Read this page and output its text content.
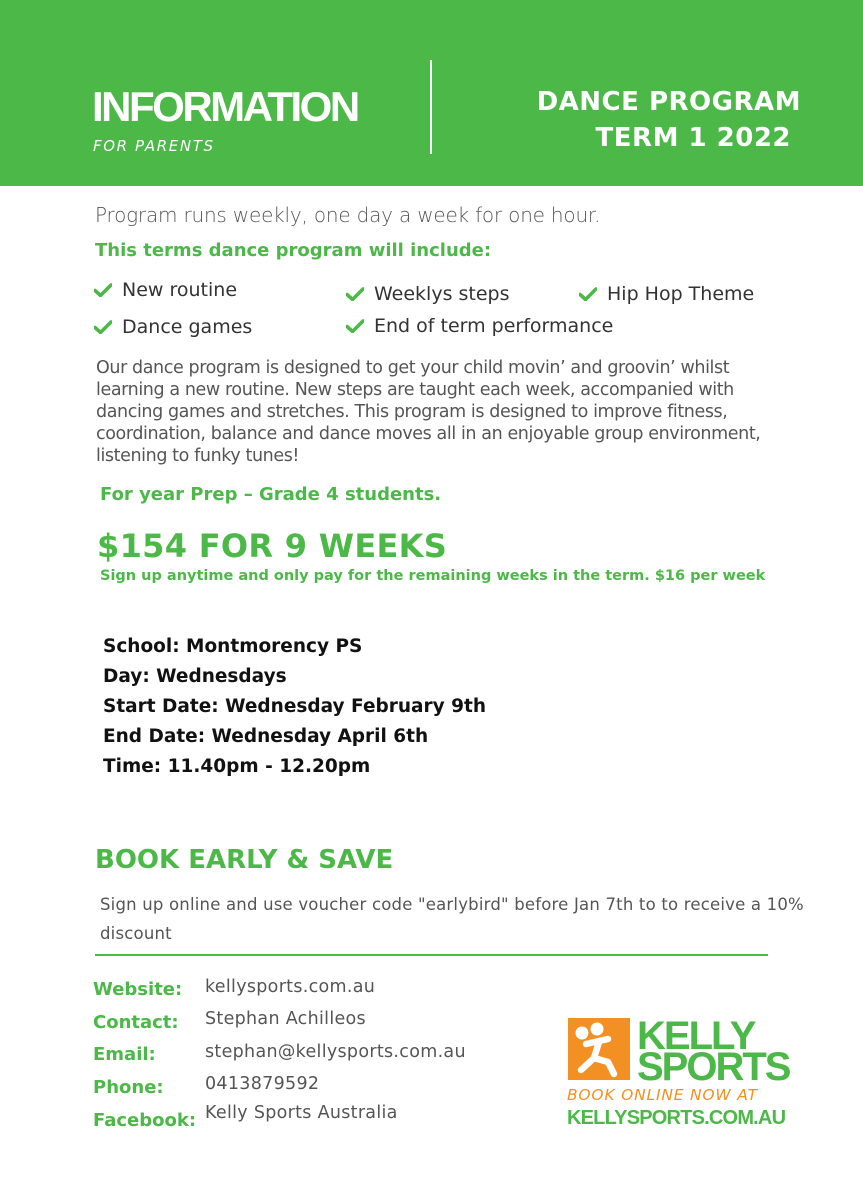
INFORMATION
FOR PARENTS
DANCE PROGRAM
TERM 1 2022
Program runs weekly, one day a week for one hour.
This terms dance program will include:
New routine	Weeklys steps	Hip Hop Theme
Dance games	End of term performance
Our dance program is designed to get your child movin’ and groovin’ whilst learning a new routine. New steps are taught each week, accompanied with dancing games and stretches. This program is designed to improve fitness, coordination, balance and dance moves all in an enjoyable group environment, listening to funky tunes!
For year Prep – Grade 4 students.
$154 FOR 9 WEEKS
Sign up anytime and only pay for the remaining weeks in the term. $16 per week
School: Montmorency PS
Day: Wednesdays
Start Date: Wednesday February 9th
End Date: Wednesday April 6th
Time: 11.40pm - 12.20pm
BOOK EARLY & SAVE
Sign up online and use voucher code "earlybird" before Jan 7th to to receive a 10% discount
Website: kellysports.com.au
Contact: Stephan Achilleos
Email:	stephan@kellysports.com.au
Phone: 0413879592
Facebook: Kelly Sports Australia
KELLY
SPORTS
BOOK ONLINE NOW AT
KELLYSPORTS.COM.AU
